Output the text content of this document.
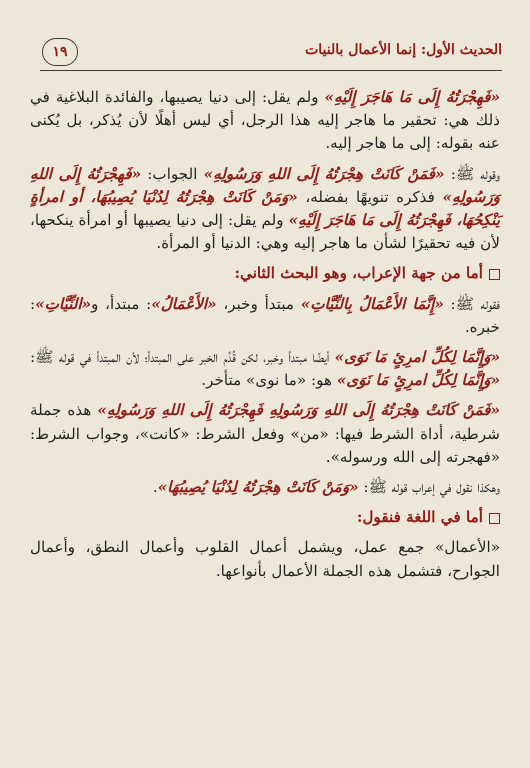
الحديث الأول: إنما الأعمال بالنيات
١٩

«فَهِجْرَتُهُ إِلَى مَا هَاجَرَ إِلَيْهِ» ولم يقل: إلى دنيا يصيبها، والفائدة البلاغية في ذلك هي: تحقير ما هاجر إليه هذا الرجل، أي ليس أهلًا لأن يُذكر، بل يُكنى عنه بقوله: إلى ما هاجر إليه.

وقوله ﷺ: «فَمَنْ كَانَتْ هِجْرَتُهُ إِلَى اللهِ وَرَسُولِهِ» الجواب: «فَهِجْرَتُهُ إِلَى اللهِ وَرَسُولِهِ» فذكره تنويهًا بفضله، «وَمَنْ كَانَتْ هِجْرَتُهُ لِدُنْيَا يُصِيبُهَا، أو امرأةٍ يَنْكِحُهَا، فَهِجْرَتُهُ إِلَى مَا هَاجَرَ إِلَيْهِ» ولم يقل: إلى دنيا يصيبها أو امرأة ينكحها، لأن فيه تحقيرًا لشأن ما هاجر إليه وهي: الدنيا أو المرأة.

أما من جهة الإعراب، وهو البحث الثاني:

فقوله ﷺ: «إِنَّمَا الأَعْمَالُ بِالنِّيَّاتِ» مبتدأ وخبر، «الأَعْمَالُ»: مبتدأ، و«النِّيَّاتِ»: خبره.

«وَإِنَّمَا لِكُلِّ امرِئٍ مَا نَوَى» أيضًا مبتدأ وخبر، لكن قُدِّم الخبر على المبتدأ؛ لأن المبتدأ في قوله ﷺ: «وَإِنَّمَا لِكُلِّ امرِئٍ مَا نَوَى» هو: «ما نوى» متأخر.

«فَمَنْ كَانَتْ هِجْرَتُهُ إِلَى اللهِ وَرَسُولِهِ فَهِجْرَتُهُ إِلَى اللهِ وَرَسُولِهِ» هذه جملة شرطية، أداة الشرط فيها: «من» وفعل الشرط: «كانت»، وجواب الشرط: «فهجرته إلى الله ورسوله».

وهكذا نقول في إعراب قوله ﷺ: «وَمَنْ كَانَتْ هِجْرَتُهُ لِدُنْيَا يُصِيبُهَا».

أما في اللغة فنقول:

«الأعمال» جمع عمل، ويشمل أعمال القلوب وأعمال النطق، وأعمال الجوارح، فتشمل هذه الجملة الأعمال بأنواعها.
